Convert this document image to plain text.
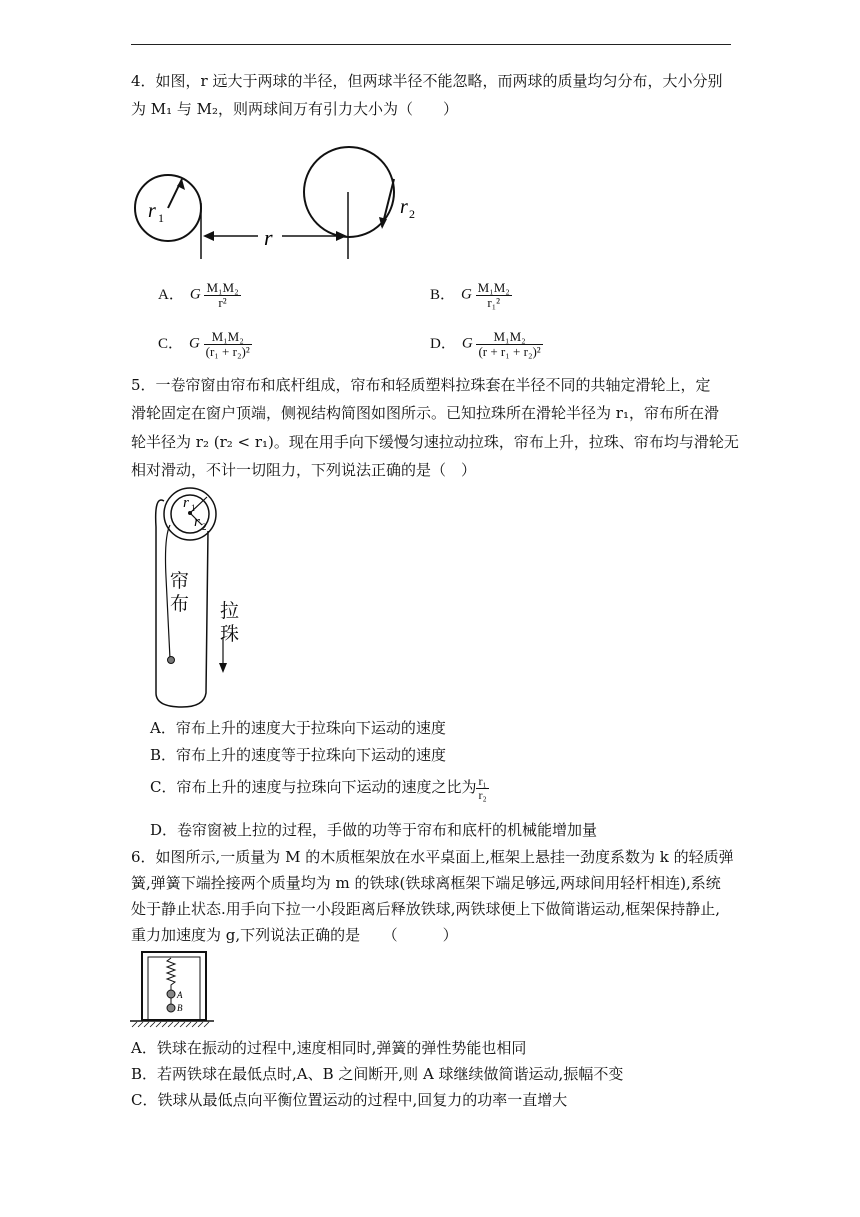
4．如图，r 远大于两球的半径，但两球半径不能忽略，而两球的质量均匀分布，大小分别
为 M₁ 与 M₂，则两球间万有引力大小为（　　）
r 1	r 2
r
A． G $\frac{\text{M₁M₂}}{\text{r²}}$	B． G $\frac{\text{M₁M₂}}{\text{r₁²}}$
C． G $\frac{\text{M₁M₂}}{\text{(r₁ + r₂)²}}$	D． G $\frac{\text{M₁M₂}}{\text{(r + r₁ + r₂)²}}$
5．一卷帘窗由帘布和底杆组成，帘布和轻质塑料拉珠套在半径不同的共轴定滑轮上，定
滑轮固定在窗户顶端，侧视结构简图如图所示。已知拉珠所在滑轮半径为 r₁，帘布所在滑
轮半径为 r₂ (r₂ < r₁)。现在用手向下缓慢匀速拉动拉珠，帘布上升，拉珠、帘布均与滑轮无
相对滑动，不计一切阻力，下列说法正确的是（　）
r 1
r 2
帘布 拉珠
A．帘布上升的速度大于拉珠向下运动的速度
B．帘布上升的速度等于拉珠向下运动的速度
C．帘布上升的速度与拉珠向下运动的速度之比为 $\frac{\text{r₁}}{\text{r₂}}$
D．卷帘窗被上拉的过程，手做的功等于帘布和底杆的机械能增加量
6．如图所示,一质量为 M 的木质框架放在水平桌面上,框架上悬挂一劲度系数为 k 的轻质弹
簧,弹簧下端拴接两个质量均为 m 的铁球(铁球离框架下端足够远,两球间用轻杆相连),系统
处于静止状态.用手向下拉一小段距离后释放铁球,两铁球便上下做简谐运动,框架保持静止,
重力加速度为 g,下列说法正确的是　　（　　　）
A
B
A．铁球在振动的过程中,速度相同时,弹簧的弹性势能也相同
B．若两铁球在最低点时,A、B 之间断开,则 A 球继续做简谐运动,振幅不变
C．铁球从最低点向平衡位置运动的过程中,回复力的功率一直增大
